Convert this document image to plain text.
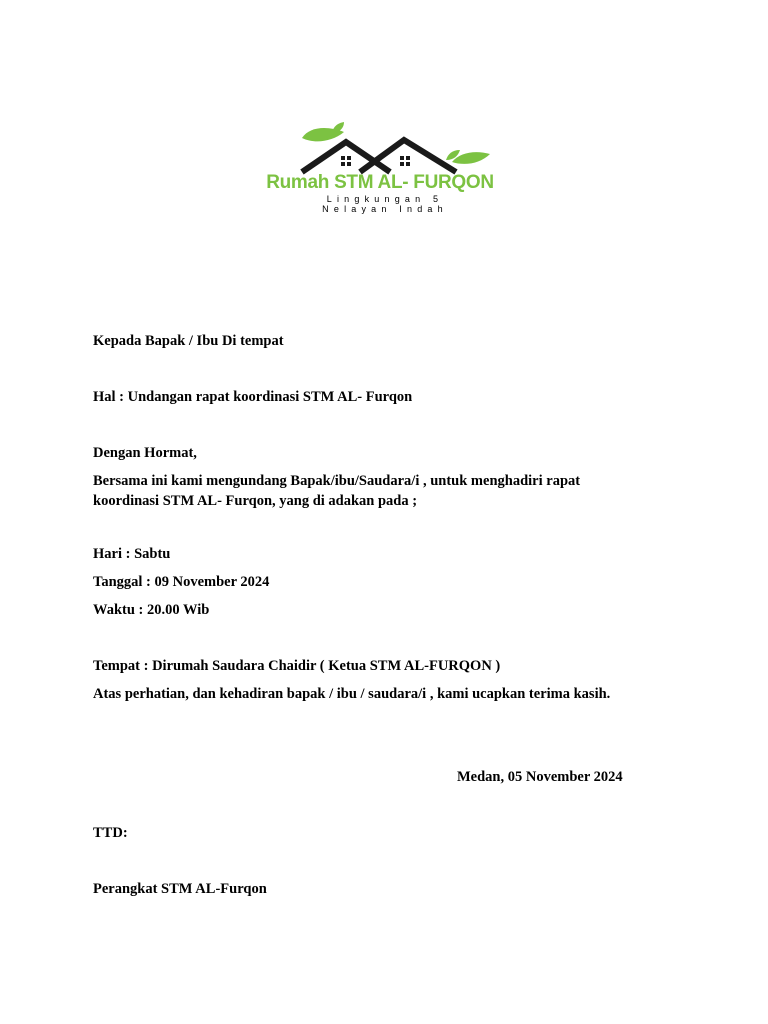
Rumah STM AL- FURQON
Lingkungan 5
Nelayan Indah
Kepada Bapak / Ibu Di tempat
Hal : Undangan rapat koordinasi STM AL- Furqon
Dengan Hormat,
Bersama ini kami mengundang Bapak/ibu/Saudara/i , untuk menghadiri rapat koordinasi STM AL- Furqon, yang di adakan pada ;
Hari : Sabtu
Tanggal : 09 November 2024
Waktu : 20.00 Wib
Tempat : Dirumah Saudara Chaidir ( Ketua STM AL-FURQON )
Atas perhatian, dan kehadiran bapak / ibu / saudara/i , kami ucapkan terima kasih.
Medan, 05 November 2024
TTD:
Perangkat STM AL-Furqon
